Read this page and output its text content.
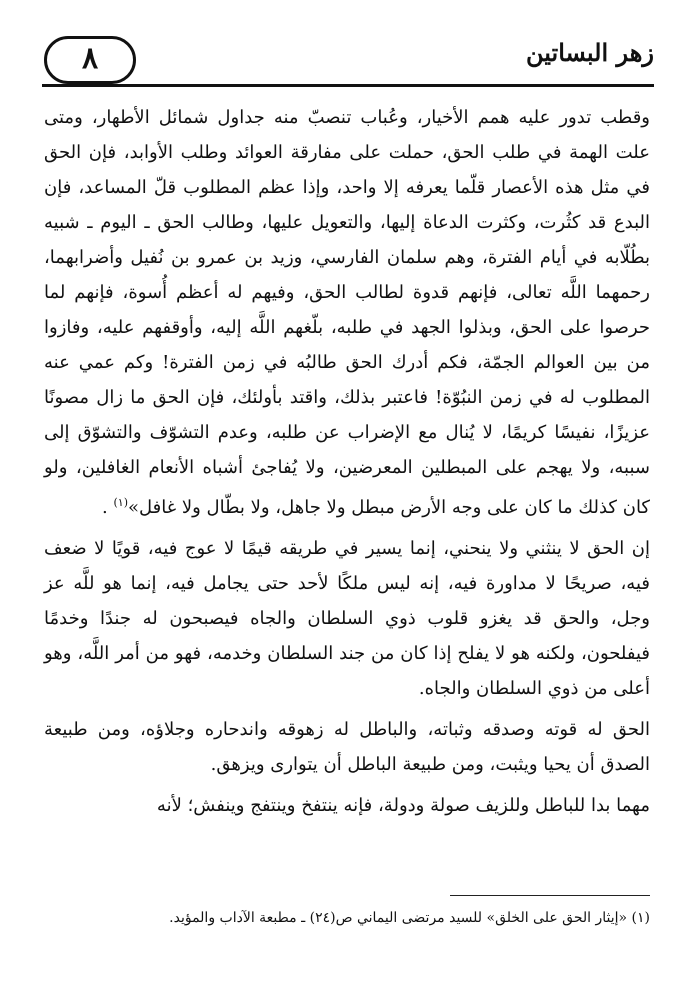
٨	زهر البساتين

وقطب تدور عليه همم الأخيار، وعُباب تنصبّ منه جداول شمائل الأطهار، ومتى علت الهمة في طلب الحق، حملت على مفارقة العوائد وطلب الأوابد، فإن الحق في مثل هذه الأعصار قلّما يعرفه إلا واحد، وإذا عظم المطلوب قلّ المساعد، فإن البدع قد كثُرت، وكثرت الدعاة إليها، والتعويل عليها، وطالب الحق ـ اليوم ـ شبيه بطُلّابه في أيام الفترة، وهم سلمان الفارسي، وزيد بن عمرو بن نُفيل وأضرابهما، رحمهما اللَّه تعالى، فإنهم قدوة لطالب الحق، وفيهم له أعظم أُسوة، فإنهم لما حرصوا على الحق، وبذلوا الجهد في طلبه، بلّغهم اللَّه إليه، وأوقفهم عليه، وفازوا من بين العوالم الجمّة، فكم أدرك الحق طالبُه في زمن الفترة! وكم عمي عنه المطلوب له في زمن النبُوّة! فاعتبر بذلك، واقتد بأولئك، فإن الحق ما زال مصونًا عزيزًا، نفيسًا كريمًا، لا يُنال مع الإضراب عن طلبه، وعدم التشوّف والتشوّق إلى سببه، ولا يهجم على المبطلين المعرضين، ولا يُفاجئ أشباه الأنعام الغافلين، ولو كان كذلك ما كان على وجه الأرض مبطل ولا جاهل، ولا بطّال ولا غافل»$^{(١)}$ .

إن الحق لا ينثني ولا ينحني، إنما يسير في طريقه قيمًا لا عوج فيه، قويًا لا ضعف فيه، صريحًا لا مداورة فيه، إنه ليس ملكًا لأحد حتى يجامل فيه، إنما هو للَّه عز وجل، والحق قد يغزو قلوب ذوي السلطان والجاه فيصبحون له جندًا وخدمًا فيفلحون، ولكنه هو لا يفلح إذا كان من جند السلطان وخدمه، فهو من أمر اللَّه، وهو أعلى من ذوي السلطان والجاه.

الحق له قوته وصدقه وثباته، والباطل له زهوقه واندحاره وجلاؤه، ومن طبيعة الصدق أن يحيا ويثبت، ومن طبيعة الباطل أن يتوارى ويزهق.

مهما بدا للباطل وللزيف صولة ودولة، فإنه ينتفخ وينتفج وينفش؛ لأنه

(١) «إيثار الحق على الخلق» للسيد مرتضى اليماني ص(٢٤) ـ مطبعة الآداب والمؤيد.
